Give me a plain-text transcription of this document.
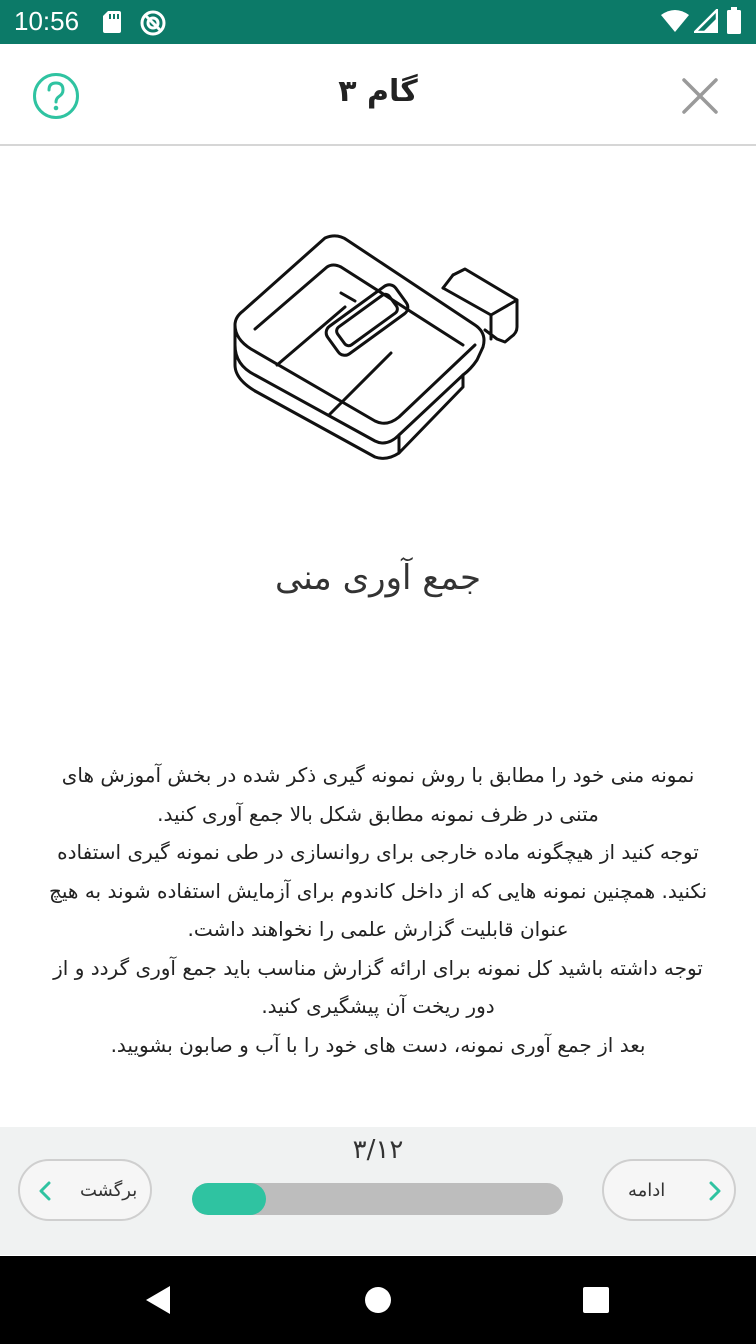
10:56
گام ۳
جمع آوری منی

نمونه منی خود را مطابق با روش نمونه گیری ذکر شده در بخش آموزش های متنی در ظرف نمونه مطابق شکل بالا جمع آوری کنید.

توجه کنید از هیچگونه ماده خارجی برای روانسازی در طی نمونه گیری استفاده نکنید. همچنین نمونه هایی که از داخل کاندوم برای آزمایش استفاده شوند به هیچ عنوان قابلیت گزارش علمی را نخواهند داشت.

توجه داشته باشید کل نمونه برای ارائه گزارش مناسب باید جمع آوری گردد و از دور ریخت آن پیشگیری کنید.

بعد از جمع آوری نمونه، دست های خود را با آب و صابون بشویید.

۳/۱۲
برگشت	ادامه
